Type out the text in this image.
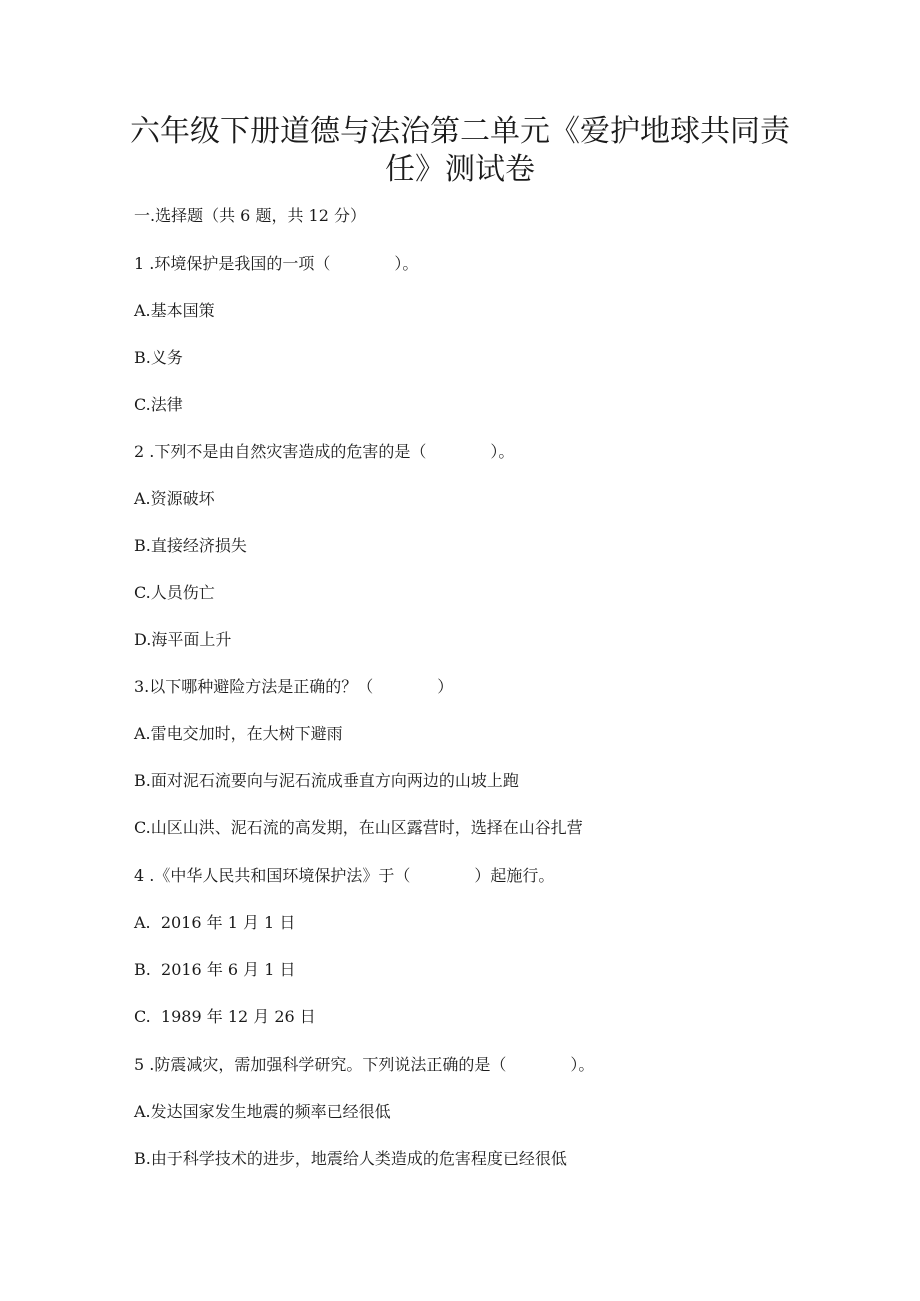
六年级下册道德与法治第二单元《爱护地球共同责
任》测试卷

一.选择题（共 6 题，共 12 分）

1 .环境保护是我国的一项（　　　　）。

A.基本国策

B.义务

C.法律

2 .下列不是由自然灾害造成的危害的是（　　　　）。

A.资源破坏

B.直接经济损失

C.人员伤亡

D.海平面上升

3.以下哪种避险方法是正确的？（　　　　）

A.雷电交加时，在大树下避雨

B.面对泥石流要向与泥石流成垂直方向两边的山坡上跑

C.山区山洪、泥石流的高发期，在山区露营时，选择在山谷扎营

4 .《中华人民共和国环境保护法》于（　　　　）起施行。

A.  2016 年 1 月 1 日

B.  2016 年 6 月 1 日

C.  1989 年 12 月 26 日

5 .防震减灾，需加强科学研究。下列说法正确的是（　　　　）。

A.发达国家发生地震的频率已经很低

B.由于科学技术的进步，地震给人类造成的危害程度已经很低
